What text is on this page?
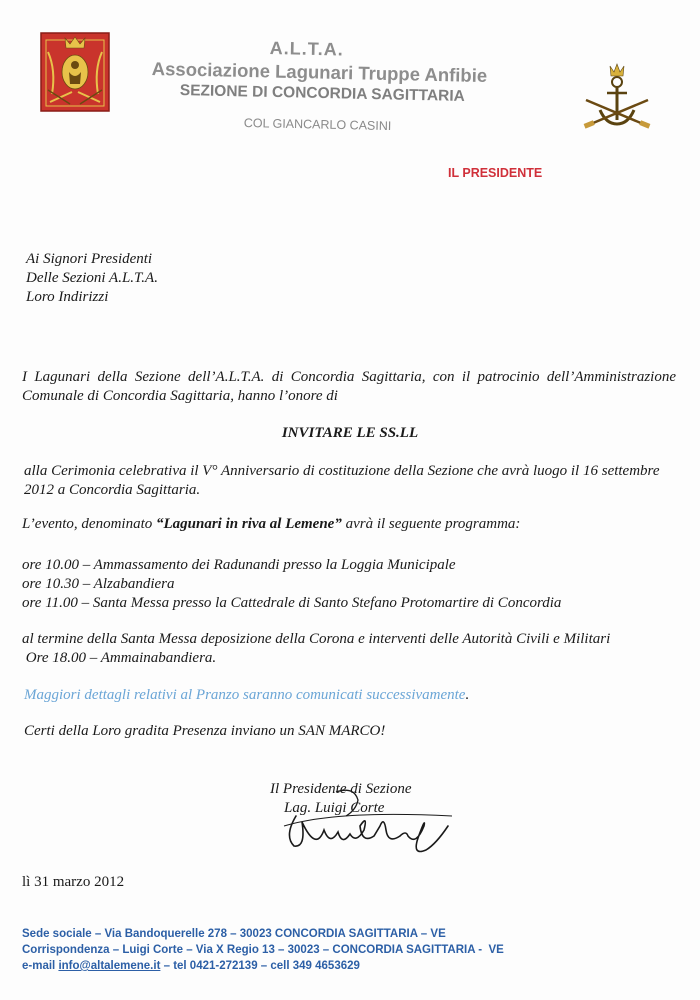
A.L.T.A.
Associazione Lagunari Truppe Anfibie
SEZIONE DI CONCORDIA SAGITTARIA
COL GIANCARLO CASINI
IL PRESIDENTE
Ai Signori Presidenti
Delle Sezioni A.L.T.A.
Loro Indirizzi
I Lagunari della Sezione dell’A.L.T.A. di Concordia Sagittaria, con il patrocinio dell’Amministrazione Comunale di Concordia Sagittaria, hanno l’onore di
INVITARE LE SS.LL
alla Cerimonia celebrativa il V° Anniversario di costituzione della Sezione che avrà luogo il 16 settembre 2012 a Concordia Sagittaria.
L’evento, denominato “Lagunari in riva al Lemene” avrà il seguente programma:
ore 10.00 – Ammassamento dei Radunandi presso la Loggia Municipale
ore 10.30 – Alzabandiera
ore 11.00 – Santa Messa presso la Cattedrale di Santo Stefano Protomartire di Concordia
al termine della Santa Messa deposizione della Corona e interventi delle Autorità Civili e Militari
Ore 18.00 – Ammainabandiera.
Maggiori dettagli relativi al Pranzo saranno comunicati successivamente.
Certi della Loro gradita Presenza inviano un SAN MARCO!
Il Presidente di Sezione
Lag. Luigi Corte
lì 31 marzo 2012
Sede sociale – Via Bandoquerelle 278 – 30023 CONCORDIA SAGITTARIA – VE
Corrispondenza – Luigi Corte – Via X Regio 13 – 30023 – CONCORDIA SAGITTARIA -  VE
e-mail info@altalemene.it – tel 0421-272139 – cell 349 4653629
